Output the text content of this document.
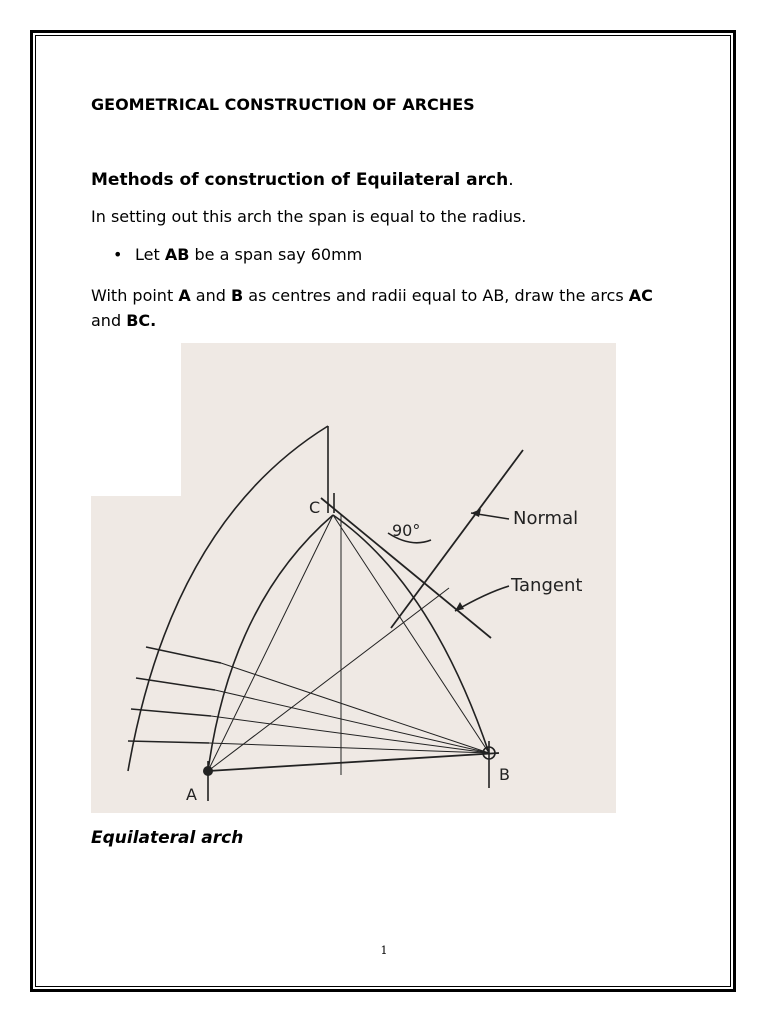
GEOMETRICAL CONSTRUCTION OF ARCHES

Methods of construction of Equilateral arch.

In setting out this arch the span is equal to the radius.

• Let AB be a span say 60mm

With point A and B as centres and radii equal to AB, draw the arcs AC and BC.

C
90°
Normal
Tangent
A
B

Equilateral arch

1
